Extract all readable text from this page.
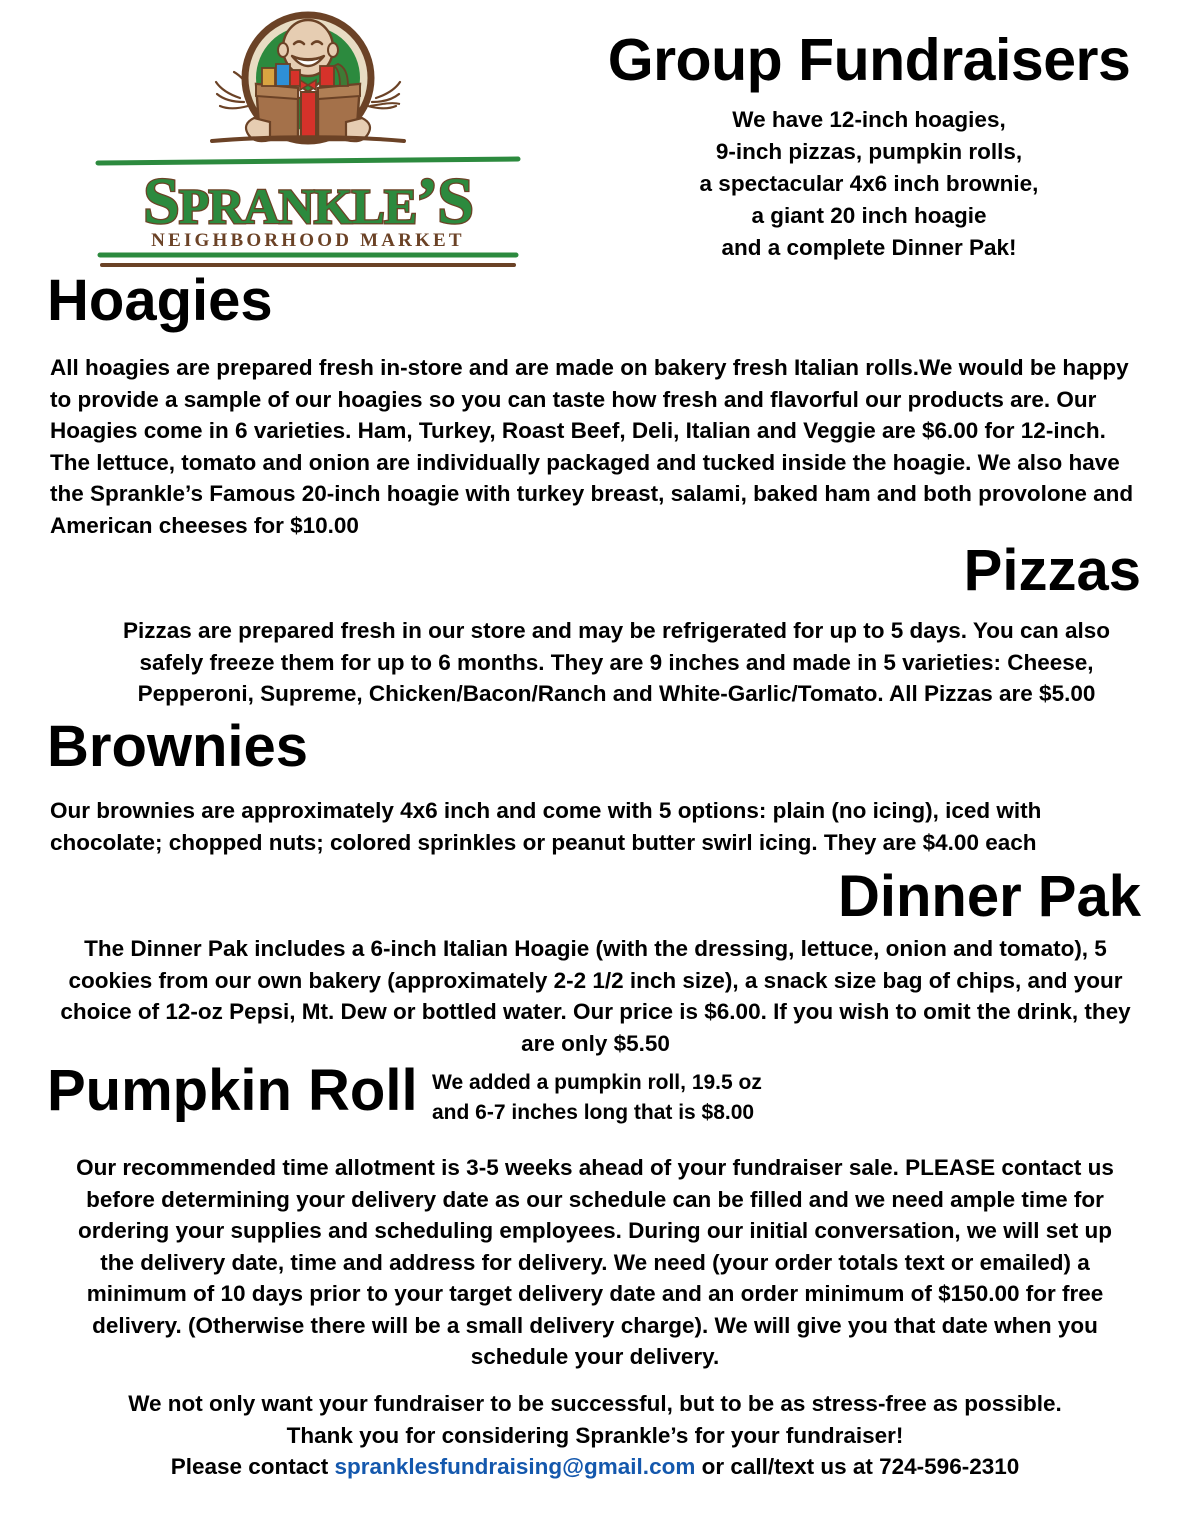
SPRANKLE’S
NEIGHBORHOOD MARKET
Group Fundraisers
We have 12-inch hoagies,
9-inch pizzas, pumpkin rolls,
a spectacular 4x6 inch brownie,
a giant 20 inch hoagie
and a complete Dinner Pak!
Hoagies

All hoagies are prepared fresh in-store and are made on bakery fresh Italian rolls.We would be happy to provide a sample of our hoagies so you can taste how fresh and flavorful our products are. Our Hoagies come in 6 varieties. Ham, Turkey, Roast Beef, Deli, Italian and Veggie are $6.00 for 12-inch. The lettuce, tomato and onion are individually packaged and tucked inside the hoagie. We also have the Sprankle’s Famous 20-inch hoagie with turkey breast, salami, baked ham and both provolone and American cheeses for $10.00

Pizzas

Pizzas are prepared fresh in our store and may be refrigerated for up to 5 days. You can also safely freeze them for up to 6 months. They are 9 inches and made in 5 varieties: Cheese, Pepperoni, Supreme, Chicken/Bacon/Ranch and White-Garlic/Tomato. All Pizzas are $5.00

Brownies

Our brownies are approximately 4x6 inch and come with 5 options: plain (no icing), iced with chocolate; chopped nuts; colored sprinkles or peanut butter swirl icing. They are $4.00 each

Dinner Pak

The Dinner Pak includes a 6-inch Italian Hoagie (with the dressing, lettuce, onion and tomato), 5 cookies from our own bakery (approximately 2-2 1/2 inch size), a snack size bag of chips, and your choice of 12-oz Pepsi, Mt. Dew or bottled water. Our price is $6.00. If you wish to omit the drink, they are only $5.50

Pumpkin Roll We added a pumpkin roll, 19.5 oz
and 6-7 inches long that is $8.00

Our recommended time allotment is 3-5 weeks ahead of your fundraiser sale. PLEASE contact us before determining your delivery date as our schedule can be filled and we need ample time for ordering your supplies and scheduling employees. During our initial conversation, we will set up the delivery date, time and address for delivery. We need (your order totals text or emailed) a minimum of 10 days prior to your target delivery date and an order minimum of $150.00 for free delivery. (Otherwise there will be a small delivery charge). We will give you that date when you schedule your delivery.

We not only want your fundraiser to be successful, but to be as stress-free as possible.
Thank you for considering Sprankle’s for your fundraiser!
Please contact spranklesfundraising@gmail.com or call/text us at 724-596-2310
